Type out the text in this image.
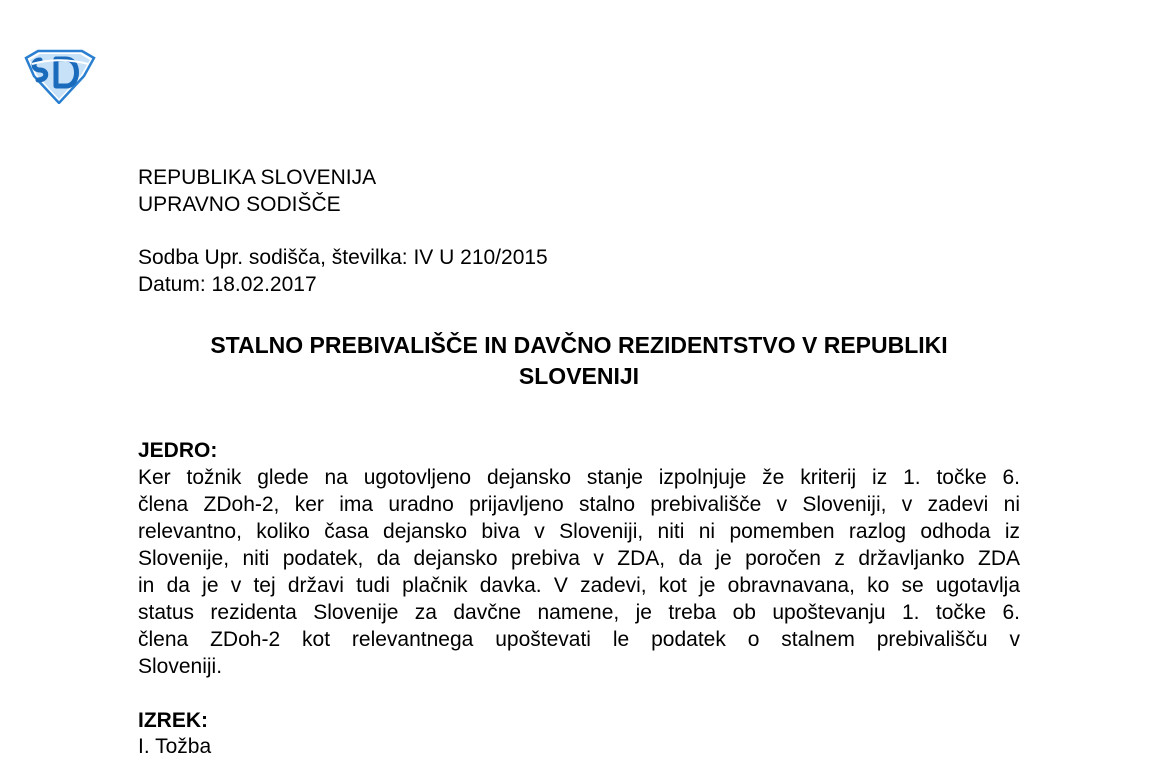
REPUBLIKA SLOVENIJA
UPRAVNO SODIŠČE
Sodba Upr. sodišča, številka: IV U 210/2015
Datum: 18.02.2017
STALNO PREBIVALIŠČE IN DAVČNO REZIDENTSTVO V REPUBLIKI
SLOVENIJI
JEDRO:
Ker tožnik glede na ugotovljeno dejansko stanje izpolnjuje že kriterij iz 1. točke 6.
člena ZDoh-2, ker ima uradno prijavljeno stalno prebivališče v Sloveniji, v zadevi ni
relevantno, koliko časa dejansko biva v Sloveniji, niti ni pomemben razlog odhoda iz
Slovenije, niti podatek, da dejansko prebiva v ZDA, da je poročen z državljanko ZDA
in da je v tej državi tudi plačnik davka. V zadevi, kot je obravnavana, ko se ugotavlja
status rezidenta Slovenije za davčne namene, je treba ob upoštevanju 1. točke 6.
člena ZDoh-2 kot relevantnega upoštevati le podatek o stalnem prebivališču v
Sloveniji.
IZREK:
I. Tožba
